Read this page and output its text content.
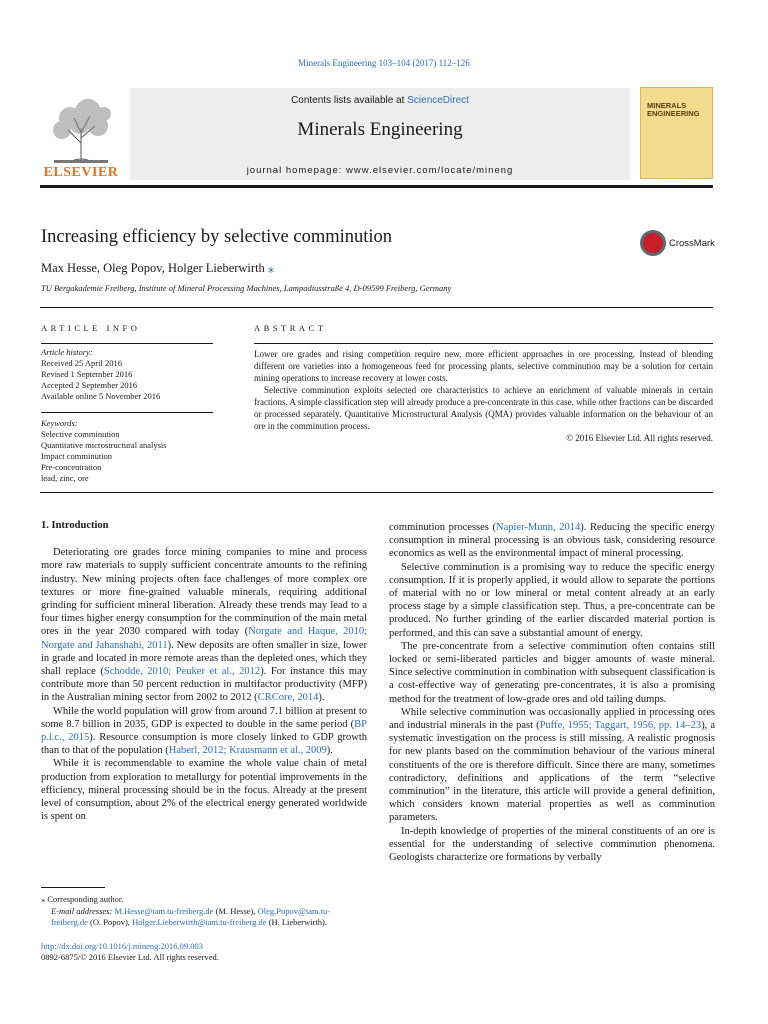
Minerals Engineering 103–104 (2017) 112–126
ELSEVIER
Contents lists available at ScienceDirect
Minerals Engineering
journal homepage: www.elsevier.com/locate/mineng
MINERALS
ENGINEERING
Increasing efficiency by selective comminution	CrossMark
Max Hesse, Oleg Popov, Holger Lieberwirth ⁎
TU Bergakademie Freiberg, Institute of Mineral Processing Machines, Lampadiusstraße 4, D-09599 Freiberg, Germany
ARTICLE INFO	ABSTRACT
Article history:
Received 25 April 2016
Revised 1 September 2016
Accepted 2 September 2016
Available online 5 November 2016
Keywords:
Selective comminution
Quantitative microstructural analysis
Impact comminution
Pre-concentration
lead, zinc, ore

Lower ore grades and rising competition require new, more efficient approaches in ore processing. Instead of blending different ore varieties into a homogeneous feed for processing plants, selective comminution may be a solution for certain mining operations to increase recovery at lower costs.

Selective comminution exploits selected ore characteristics to achieve an enrichment of valuable minerals in certain fractions. A simple classification step will already produce a pre-concentrate in this case, while other fractions can be discarded or processed separately. Quantitative Microstructural Analysis (QMA) provides valuable information on the behaviour of an ore in the comminution process.

© 2016 Elsevier Ltd. All rights reserved.
1. Introduction

Deteriorating ore grades force mining companies to mine and process more raw materials to supply sufficient concentrate amounts to the refining industry. New mining projects often face challenges of more complex ore textures or more fine-grained valuable minerals, requiring additional grinding for sufficient mineral liberation. Already these trends may lead to a four times higher energy consumption for the comminution of the main metal ores in the year 2030 compared with today (Norgate and Haque, 2010; Norgate and Jahanshahi, 2011). New deposits are often smaller in size, lower in grade and located in more remote areas than the depleted ones, which they shall replace (Schodde, 2010; Peuker et al., 2012). For instance this may contribute more than 50 percent reduction in multifactor productivity (MFP) in the Australian mining sector from 2002 to 2012 (CRCore, 2014).

While the world population will grow from around 7.1 billion at present to some 8.7 billion in 2035, GDP is expected to double in the same period (BP p.l.c., 2015). Resource consumption is more closely linked to GDP growth than to that of the population (Haberl, 2012; Krausmann et al., 2009).

While it is recommendable to examine the whole value chain of metal production from exploration to metallurgy for potential improvements in the efficiency, mineral processing should be in the focus. Already at the present level of consumption, about 2% of the electrical energy generated worldwide is spent on

comminution processes (Napier-Munn, 2014). Reducing the specific energy consumption in mineral processing is an obvious task, considering resource economics as well as the environmental impact of mineral processing.

Selective comminution is a promising way to reduce the specific energy consumption. If it is properly applied, it would allow to separate the portions of material with no or low mineral or metal content already at an early process stage by a simple classification step. Thus, a pre-concentrate can be produced. No further grinding of the earlier discarded material portion is performed, and this can save a substantial amount of energy.

The pre-concentrate from a selective comminution often contains still locked or semi-liberated particles and bigger amounts of waste mineral. Since selective comminution in combination with subsequent classification is a cost-effective way of generating pre-concentrates, it is also a promising method for the treatment of low-grade ores and old tailing dumps.

While selective comminution was occasionally applied in processing ores and industrial minerals in the past (Puffe, 1955; Taggart, 1956, pp. 14–23), a systematic investigation on the process is still missing. A realistic prognosis for new plants based on the comminution behaviour of the various mineral constituents of the ore is therefore difficult. Since there are many, sometimes contradictory, definitions and applications of the term “selective comminution” in the literature, this article will provide a general definition, which considers known material properties as well as comminution parameters.

In-depth knowledge of properties of the mineral constituents of an ore is essential for the understanding of selective comminution phenomena. Geologists characterize ore formations by verbally

⁎ Corresponding author.
E-mail addresses: M.Hesse@iam.tu-freiberg.de (M. Hesse), Oleg.Popov@iam.tu-freiberg.de (O. Popov), Holger.Lieberwirth@iam.tu-freiberg.de (H. Lieberwirth).
http://dx.doi.org/10.1016/j.mineng.2016.09.003
0892-6875/© 2016 Elsevier Ltd. All rights reserved.
